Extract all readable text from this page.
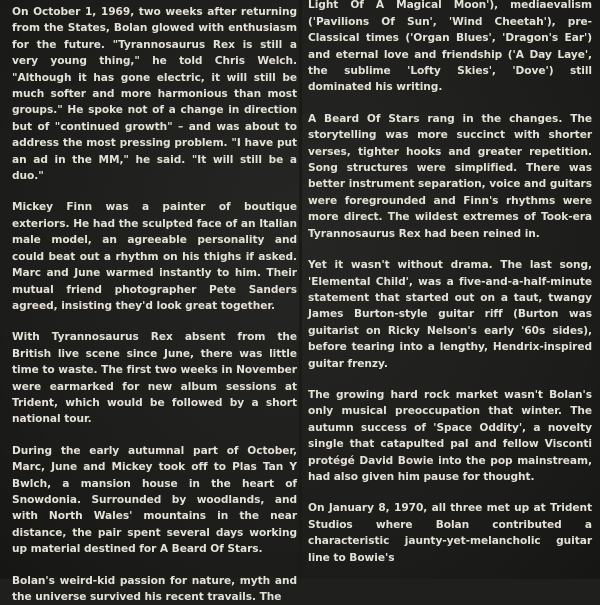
On October 1, 1969, two weeks after returning from the States, Bolan glowed with enthusiasm for the future. "Tyrannosaurus Rex is still a very young thing," he told Chris Welch. "Although it has gone electric, it will still be much softer and more harmonious than most groups." He spoke not of a change in direction but of "continued growth" – and was about to address the most pressing problem. "I have put an ad in the MM," he said. "It will still be a duo."

Mickey Finn was a painter of boutique exteriors. He had the sculpted face of an Italian male model, an agreeable personality and could beat out a rhythm on his thighs if asked. Marc and June warmed instantly to him. Their mutual friend photographer Pete Sanders agreed, insisting they'd look great together.

With Tyrannosaurus Rex absent from the British live scene since June, there was little time to waste. The first two weeks in November were earmarked for new album sessions at Trident, which would be followed by a short national tour.

During the early autumnal part of October, Marc, June and Mickey took off to Plas Tan Y Bwlch, a mansion house in the heart of Snowdonia. Surrounded by woodlands, and with North Wales' mountains in the near distance, the pair spent several days working up material destined for A Beard Of Stars.

Bolan's weird-kid passion for nature, myth and the universe survived his recent travails. The

Light Of A Magical Moon'), mediaevalism ('Pavilions Of Sun', 'Wind Cheetah'), pre-Classical times ('Organ Blues', 'Dragon's Ear') and eternal love and friendship ('A Day Laye', the sublime 'Lofty Skies', 'Dove') still dominated his writing.

A Beard Of Stars rang in the changes. The storytelling was more succinct with shorter verses, tighter hooks and greater repetition. Song structures were simplified. There was better instrument separation, voice and guitars were foregrounded and Finn's rhythms were more direct. The wildest extremes of Took-era Tyrannosaurus Rex had been reined in.

Yet it wasn't without drama. The last song, 'Elemental Child', was a five-and-a-half-minute statement that started out on a taut, twangy James Burton-style guitar riff (Burton was guitarist on Ricky Nelson's early '60s sides), before tearing into a lengthy, Hendrix-inspired guitar frenzy.

The growing hard rock market wasn't Bolan's only musical preoccupation that winter. The autumn success of 'Space Oddity', a novelty single that catapulted pal and fellow Visconti protégé David Bowie into the pop mainstream, had also given him pause for thought.

On January 8, 1970, all three met up at Trident Studios where Bolan contributed a characteristic jaunty-yet-melancholic guitar line to Bowie's
